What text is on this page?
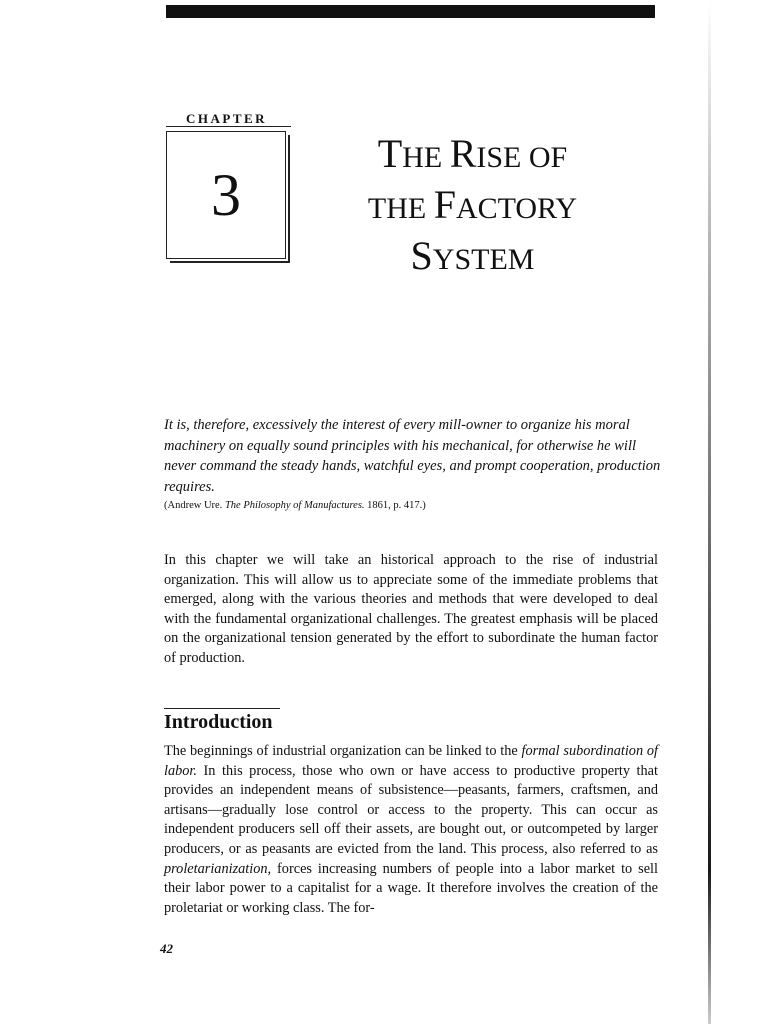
CHAPTER

3

THE RISE OF
THE FACTORY
SYSTEM

It is, therefore, excessively the interest of every mill-owner to organize his moral machinery on equally sound principles with his mechanical, for otherwise he will never command the steady hands, watchful eyes, and prompt cooperation, production requires.

(Andrew Ure. The Philosophy of Manufactures. 1861, p. 417.)

In this chapter we will take an historical approach to the rise of industrial organization. This will allow us to appreciate some of the immediate problems that emerged, along with the various theories and methods that were developed to deal with the fundamental organizational challenges. The greatest emphasis will be placed on the organizational tension generated by the effort to subordinate the human factor of production.

Introduction

The beginnings of industrial organization can be linked to the formal subordination of labor. In this process, those who own or have access to productive property that provides an independent means of subsistence—peasants, farmers, craftsmen, and artisans—gradually lose control or access to the property. This can occur as independent producers sell off their assets, are bought out, or outcompeted by larger producers, or as peasants are evicted from the land. This process, also referred to as proletarianization, forces increasing numbers of people into a labor market to sell their labor power to a capitalist for a wage. It therefore involves the creation of the proletariat or working class. The for-

42
